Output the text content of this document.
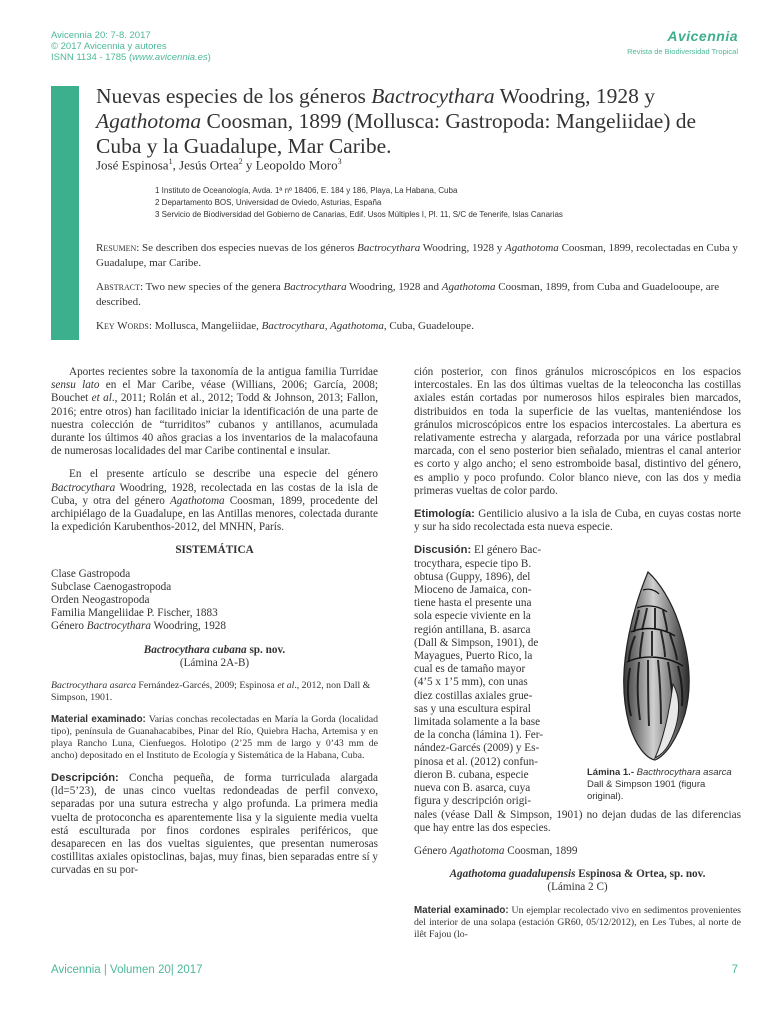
Avicennia 20: 7-8. 2017
© 2017 Avicennia y autores
ISNN 1134 - 1785 (www.avicennia.es)
Avicennia
Revista de Biodiversidad Tropical
Nuevas especies de los géneros Bactrocythara Woodring, 1928 y Agathotoma Coosman, 1899 (Mollusca: Gastropoda: Mangeliidae) de Cuba y la Guadalupe, Mar Caribe.
José Espinosa$^1$, Jesús Ortea$^2$ y Leopoldo Moro$^3$
1 Instituto de Oceanología, Avda. 1ª nº 18406, E. 184 y 186, Playa, La Habana, Cuba
2 Departamento BOS, Universidad de Oviedo, Asturias, España
3 Servicio de Biodiversidad del Gobierno de Canarias, Edif. Usos Múltiples I, Pl. 11, S/C de Tenerife, Islas Canarias
Resumen: Se describen dos especies nuevas de los géneros Bactrocythara Woodring, 1928 y Agathotoma Coosman, 1899, recolectadas en Cuba y Guadalupe, mar Caribe.
Abstract: Two new species of the genera Bactrocythara Woodring, 1928 and Agathotoma Coosman, 1899, from Cuba and Guadelooupe, are described.
Key Words: Mollusca, Mangeliidae, Bactrocythara, Agathotoma, Cuba, Guadeloupe.

Aportes recientes sobre la taxonomía de la antigua familia Turridae sensu lato en el Mar Caribe, véase (Willians, 2006; García, 2008; Bouchet et al., 2011; Rolán et al., 2012; Todd & Johnson, 2013; Fallon, 2016; entre otros) han facilitado iniciar la identificación de una parte de nuestra colección de “turriditos” cubanos y antillanos, acumulada durante los últimos 40 años gracias a los inventarios de la malacofauna de numerosas localidades del mar Caribe continental e insular.

En el presente artículo se describe una especie del género Bactrocythara Woodring, 1928, recolectada en las costas de la isla de Cuba, y otra del género Agathotoma Coosman, 1899, procedente del archipiélago de la Guadalupe, en las Antillas menores, colectada durante la expedición Karubenthos-2012, del MNHN, París.

SISTEMÁTICA

Clase Gastropoda
Subclase Caenogastropoda
Orden Neogastropoda
Familia Mangeliidae P. Fischer, 1883
Género Bactrocythara Woodring, 1928
Bactrocythara cubana sp. nov.

(Lámina 2A-B)

Bactrocythara asarca Fernández-Garcés, 2009; Espinosa et al., 2012, non Dall & Simpson, 1901.

Material examinado: Varias conchas recolectadas en María la Gorda (localidad tipo), península de Guanahacabibes, Pinar del Río, Quiebra Hacha, Artemisa y en playa Rancho Luna, Cienfuegos. Holotipo (2’25 mm de largo y 0’43 mm de ancho) depositado en el Instituto de Ecología y Sistemática de la Habana, Cuba.

Descripción: Concha pequeña, de forma turriculada alargada (ld=5’23), de unas cinco vueltas redondeadas de perfil convexo, separadas por una sutura estrecha y algo profunda. La primera media vuelta de protoconcha es aparentemente lisa y la siguiente media vuelta está esculturada por finos cordones espirales periféricos, que desaparecen en las dos vueltas siguientes, que presentan numerosas costillitas axiales opistoclinas, bajas, muy finas, bien separadas entre sí y curvadas en su por-

ción posterior, con finos gránulos microscópicos en los espacios intercostales. En las dos últimas vueltas de la teleoconcha las costillas axiales están cortadas por numerosos hilos espirales bien marcados, distribuidos en toda la superficie de las vueltas, manteniéndose los gránulos microscópicos entre los espacios intercostales. La abertura es relativamente estrecha y alargada, reforzada por una várice postlabral marcada, con el seno posterior bien señalado, mientras el canal anterior es corto y algo ancho; el seno estromboide basal, distintivo del género, es amplio y poco profundo. Color blanco nieve, con las dos y media primeras vueltas de color pardo.

Etimología: Gentilicio alusivo a la isla de Cuba, en cuyas costas norte y sur ha sido recolectada esta nueva especie.

Discusión: El género Bac-
trocythara, especie tipo B.
obtusa (Guppy, 1896), del
Mioceno de Jamaica, con-
tiene hasta el presente una
sola especie viviente en la
región antillana, B. asarca
(Dall & Simpson, 1901), de
Mayagues, Puerto Rico, la
cual es de tamaño mayor
(4’5 x 1’5 mm), con unas
diez costillas axiales grue-
sas y una escultura espiral
limitada solamente a la base
de la concha (lámina 1). Fer-
nández-Garcés (2009) y Es-
pinosa et al. (2012) confun-
dieron B. cubana, especie
nueva con B. asarca, cuya
figura y descripción origi-

nales (véase Dall & Simpson, 1901) no dejan dudas de las diferencias que hay entre las dos especies.

Género Agathotoma Coosman, 1899

Agathotoma guadalupensis Espinosa & Ortea, sp. nov.

(Lámina 2 C)

Material examinado: Un ejemplar recolectado vivo en sedimentos provenientes del interior de una solapa (estación GR60, 05/12/2012), en Les Tubes, al norte de ilêt Fajou (lo-

Lámina 1.- Bacthrocythara asarca Dall & Simpson 1901 (figura original).
Avicennia | Volumen 20| 2017	7
